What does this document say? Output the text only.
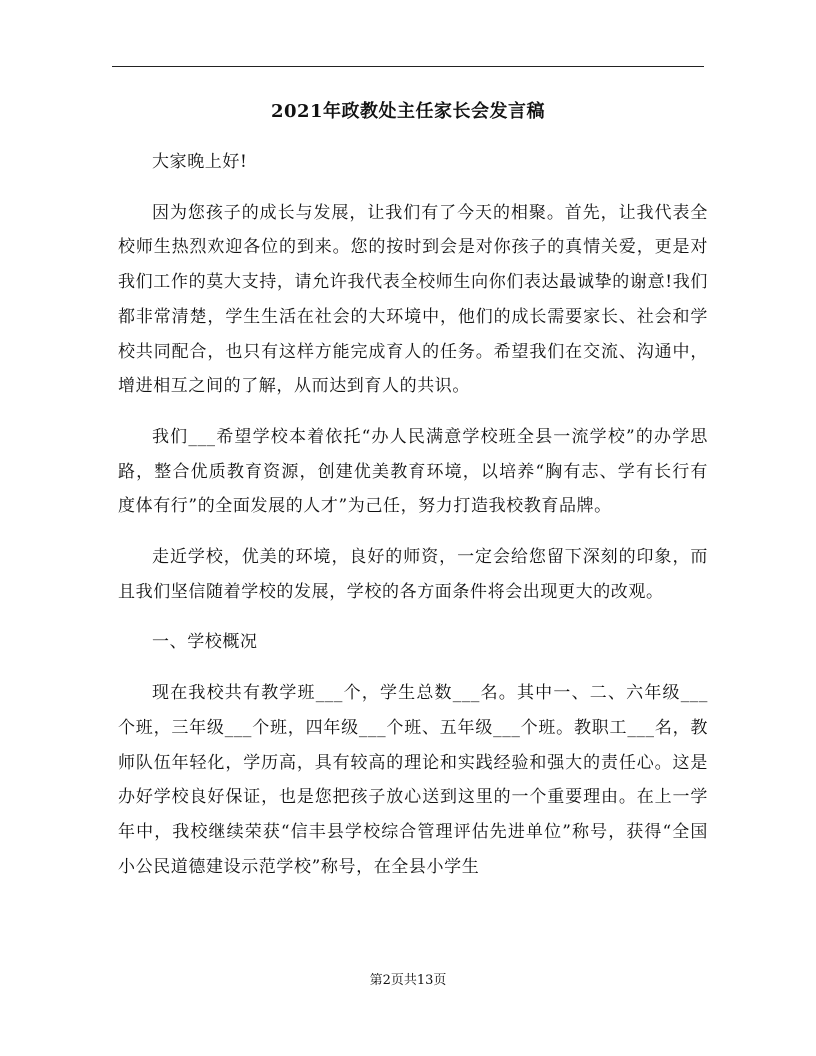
2021年政教处主任家长会发言稿

大家晚上好!

因为您孩子的成长与发展，让我们有了今天的相聚。首先，让我代表全校师生热烈欢迎各位的到来。您的按时到会是对你孩子的真情关爱，更是对我们工作的莫大支持，请允许我代表全校师生向你们表达最诚挚的谢意!我们都非常清楚，学生生活在社会的大环境中，他们的成长需要家长、社会和学校共同配合，也只有这样方能完成育人的任务。希望我们在交流、沟通中，增进相互之间的了解，从而达到育人的共识。

我们___希望学校本着依托“办人民满意学校班全县一流学校”的办学思路，整合优质教育资源，创建优美教育环境，以培养“胸有志、学有长行有度体有行”的全面发展的人才”为己任，努力打造我校教育品牌。

走近学校，优美的环境，良好的师资，一定会给您留下深刻的印象，而且我们坚信随着学校的发展，学校的各方面条件将会出现更大的改观。

一、学校概况

现在我校共有教学班___个，学生总数___名。其中一、二、六年级___个班，三年级___个班，四年级___个班、五年级___个班。教职工___名，教师队伍年轻化，学历高，具有较高的理论和实践经验和强大的责任心。这是办好学校良好保证，也是您把孩子放心送到这里的一个重要理由。在上一学年中，我校继续荣获“信丰县学校综合管理评估先进单位”称号，获得“全国小公民道德建设示范学校”称号，在全县小学生

第2页共13页
